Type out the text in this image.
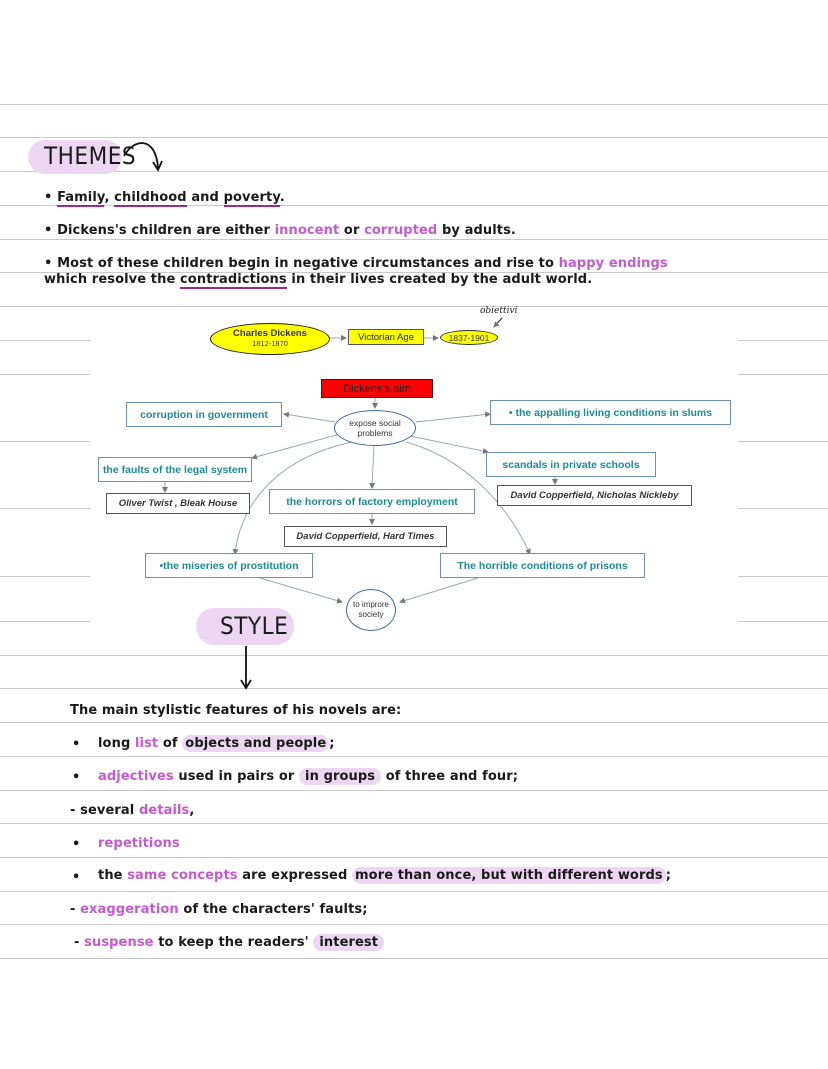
THEMES
• Family, childhood and poverty.
• Dickens's children are either innocent or corrupted by adults.
• Most of these children begin in negative circumstances and rise to happy endings
which resolve the contradictions in their lives created by the adult world.
Charles Dickens
1812-1870
Victorian Age	1837-1901
obiettivi
Dickens's aim
expose social problems
corruption in government	• the appalling living conditions in slums
the faults of the legal system	scandals in private schools
Oliver Twist , Bleak House
David Copperfield, Nicholas Nickleby
the horrors of factory employment
David Copperfield, Hard Times
•the miseries of prostitution	The horrible conditions of prisons
to improre society
STYLE
The main stylistic features of his novels are:
• long list of objects and people ;
• adjectives used in pairs or in groups of three and four;
- several details,
• repetitions
• the same concepts are expressed more than once, but with different words ;
- exaggeration of the characters' faults;
- suspense to keep the readers' interest
